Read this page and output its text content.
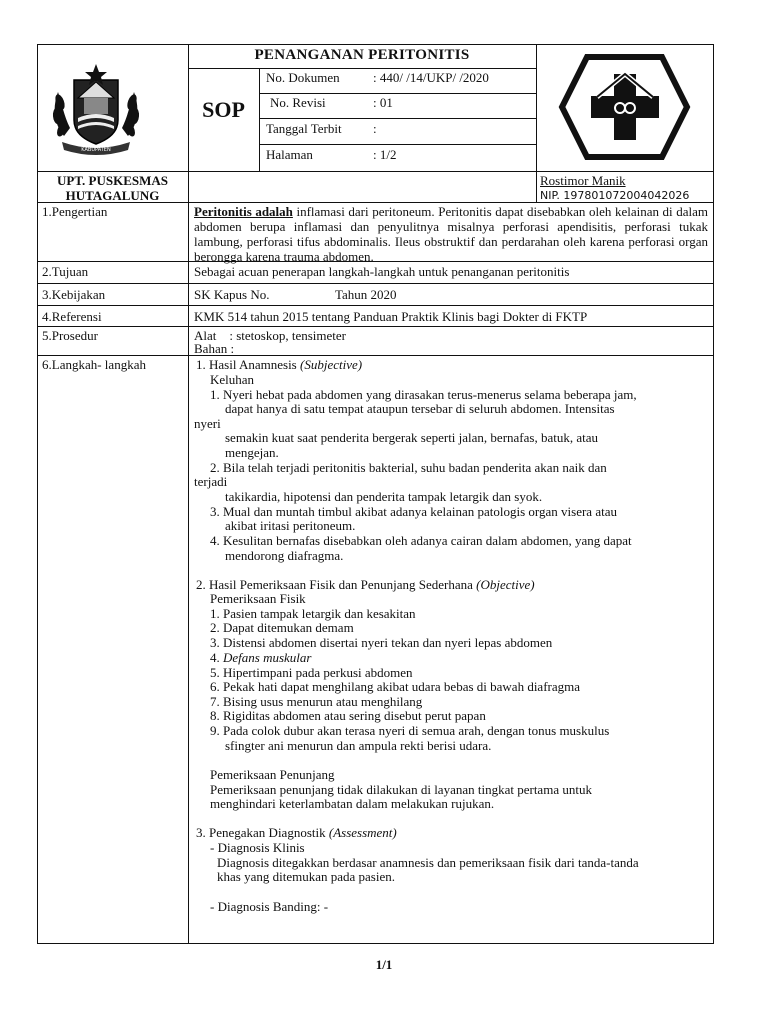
KABUPATEN
PENANGANAN PERITONITIS
SOP
No. Dokumen	: 440/ /14/UKP/ /2020
No. Revisi	: 01
Tanggal Terbit :
Halaman	: 1/2
UPT. PUSKESMAS
HUTAGALUNG
Rostimor Manik
NIP. 197801072004042026
1.Pengertian	Peritonitis adalah inflamasi dari peritoneum. Peritonitis dapat disebabkan oleh kelainan di dalam abdomen berupa inflamasi dan penyulitnya misalnya perforasi apendisitis, perforasi tukak lambung, perforasi tifus abdominalis. Ileus obstruktif dan perdarahan oleh karena perforasi organ berongga karena trauma abdomen.
2.Tujuan	Sebagai acuan penerapan langkah-langkah untuk penanganan peritonitis
3.Kebijakan	SK Kapus No.	Tahun 2020
4.Referensi	KMK 514 tahun 2015 tentang Panduan Praktik Klinis bagi Dokter di FKTP
5.Prosedur	Alat    : stetoskop, tensimeter
Bahan :
6.Langkah- langkah	1. Hasil Anamnesis (Subjective)
Keluhan
1. Nyeri hebat pada abdomen yang dirasakan terus-menerus selama beberapa jam,
dapat hanya di satu tempat ataupun tersebar di seluruh abdomen. Intensitas
nyeri
semakin kuat saat penderita bergerak seperti jalan, bernafas, batuk, atau
mengejan.
2. Bila telah terjadi peritonitis bakterial, suhu badan penderita akan naik dan
terjadi
takikardia, hipotensi dan penderita tampak letargik dan syok.
3. Mual dan muntah timbul akibat adanya kelainan patologis organ visera atau
akibat iritasi peritoneum.
4. Kesulitan bernafas disebabkan oleh adanya cairan dalam abdomen, yang dapat
mendorong diafragma.
2. Hasil Pemeriksaan Fisik dan Penunjang Sederhana (Objective)
Pemeriksaan Fisik
1. Pasien tampak letargik dan kesakitan
2. Dapat ditemukan demam
3. Distensi abdomen disertai nyeri tekan dan nyeri lepas abdomen
4. Defans muskular
5. Hipertimpani pada perkusi abdomen
6. Pekak hati dapat menghilang akibat udara bebas di bawah diafragma
7. Bising usus menurun atau menghilang
8. Rigiditas abdomen atau sering disebut perut papan
9. Pada colok dubur akan terasa nyeri di semua arah, dengan tonus muskulus
sfingter ani menurun dan ampula rekti berisi udara.
Pemeriksaan Penunjang
Pemeriksaan penunjang tidak dilakukan di layanan tingkat pertama untuk
menghindari keterlambatan dalam melakukan rujukan.
3. Penegakan Diagnostik (Assessment)
- Diagnosis Klinis
Diagnosis ditegakkan berdasar anamnesis dan pemeriksaan fisik dari tanda-tanda
khas yang ditemukan pada pasien.
- Diagnosis Banding: -
1/1
